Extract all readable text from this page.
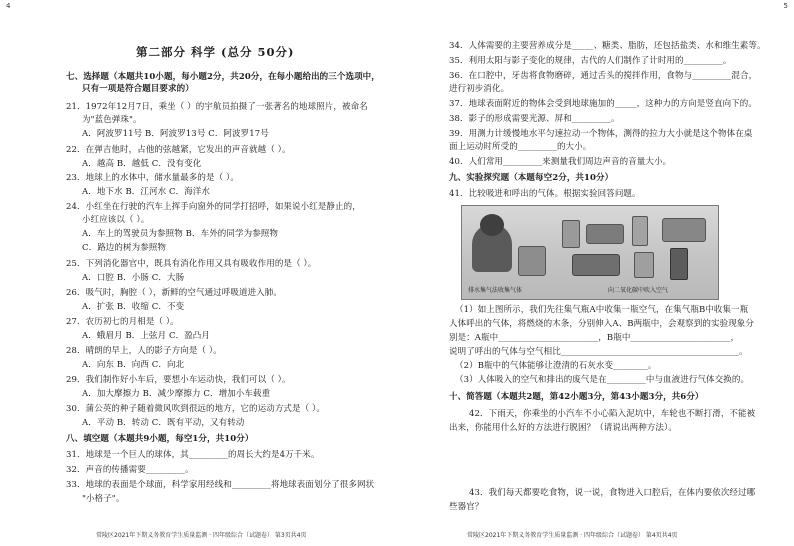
4
第二部分 科学 (总分 50分)
七、选择题（本题共10小题，每小题2分，共20分，在每小题给出的三个选项中，
只有一项是符合题目要求的）
21．1972年12月7日，乘坐（ ）的宇航员拍摄了一张著名的地球照片，被命名
为"蓝色弹珠"。
A．阿波罗11号 B．阿波罗13号 C．阿波罗17号
22．在弹吉他时，占他的弦越紧，它发出的声音就越（ ）。
A．越高 B．越低 C．没有变化
23．地球上的水体中，储水量最多的是（ ）。
A．地下水 B．江河水 C．海洋水
24．小红坐在行驶的汽车上挥手向窗外的同学打招呼，如果说小红是静止的，
小红应该以（ ）。
A．车上的驾驶员为参照物 B．车外的同学为参照物
C．路边的树为参照物
25．下列消化器官中，既具有消化作用又具有吸收作用的是（ ）。
A．口腔 B．小肠 C．大肠
26．吸气时，胸腔（ ），新鲜的空气通过呼吸道进入肺。
A．扩张 B．收缩 C．不变
27．农历初七的月相是（ ）。
A．蛾眉月 B．上弦月 C．盈凸月
28．晴朗的早上，人的影子方向是（ ）。
A．向东 B．向西 C．向北
29．我们制作好小车后，要想小车运动快，我们可以（ ）。
A．加大摩擦力 B．减少摩擦力 C．增加小车载重
30．蒲公英的种子随着微风吹到很远的地方，它的运动方式是（ ）。
A．平动 B．转动 C．既有平动，又有转动
八、填空题（本题共9小题，每空1分，共10分）
31．地球是一个巨人的球体，其_________的周长大约是4万千米。
32．声音的传播需要_________。
33．地球的表面是个球面，科学家用经线和_________将地球表面划分了很多网状
"小格子"。
常陵区2021年下期义务教育学生质量监测 · 四年级综合（试题卷） 第3页共4页
5
34．人体需要的主要营养成分是_____、糖类、脂肪，还包括盐类、水和维生素等。
35．利用太阳与影子变化的规律，古代的人们制作了计时用的_________。
36．在口腔中，牙齿将食物磨碎，通过舌头的搅拌作用，食物与_________混合，
进行初步消化。
37．地球表面附近的物体会受到地球施加的_____，这种力的方向是竖直向下的。
38．影子的形成需要光源、屏和_________。
39．用测力计缓慢地水平匀速拉动一个物体，测得的拉力大小就是这个物体在桌
面上运动时所受的_________的大小。
40．人们常用_________来测量我们周边声音的音量大小。
九、实验探究题（本题每空2分，共10分）
41．比较吸进和呼出的气体。根据实验回答问题。
排水集气法收集气体	向二氧化碳中吹入空气
（1）如上图所示，我们先往集气瓶A中收集一瓶空气，在集气瓶B中收集一瓶
人体呼出的气体，将燃烧的木条，分别伸入A、B两瓶中，会观察到的实验现象分
别是：A瓶中_______________________，B瓶中_______________________，
说明了呼出的气体与空气相比_________________________________________。
（2）B瓶中的气体能够让澄清的石灰水变________。
（3）人体吸入的空气和排出的废气是在_________中与血液进行气体交换的。
十、简答题（本题共2题，第42小题3分，第43小题3分，共6分）
42．下雨天，你乘坐的小汽车不小心陷入泥坑中，车轮也不断打滑，不能被
出来，你能用什么好的方法进行脱困？（请说出两种方法）。
43．我们每天都要吃食物，说一说，食物进入口腔后，在体内要依次经过哪
些器官？
常陵区2021年下期义务教育学生质量监测 · 四年级综合（试题卷） 第4页共4页
